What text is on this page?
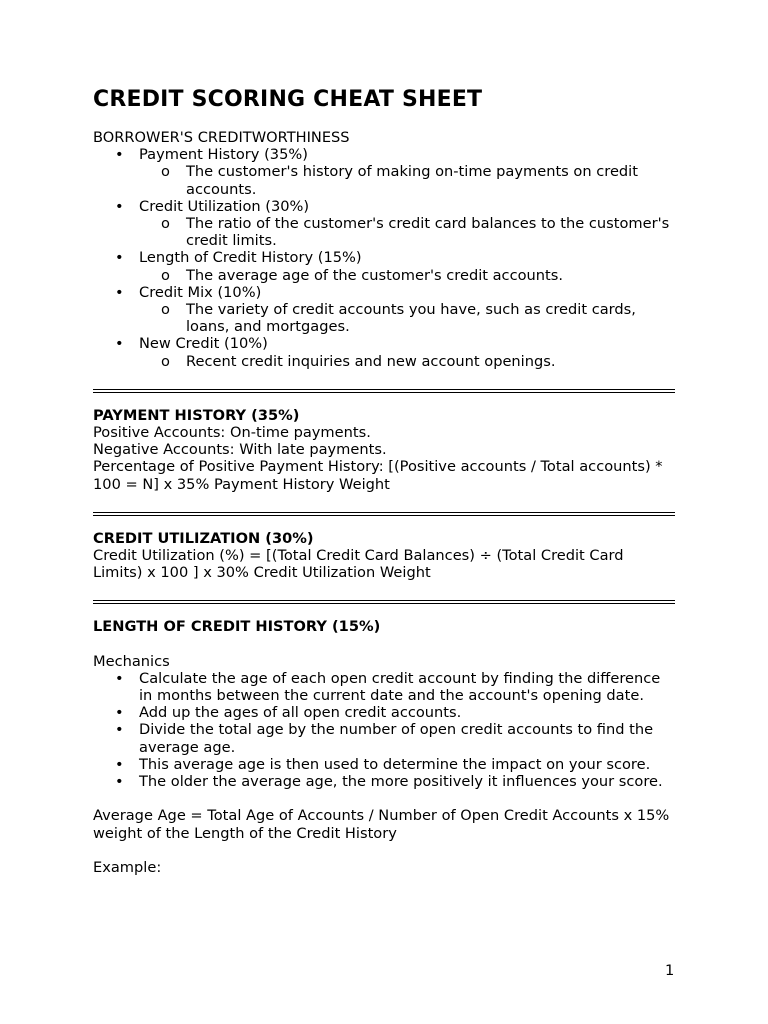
CREDIT SCORING CHEAT SHEET

BORROWER'S CREDITWORTHINESS

• Payment History (35%)
o The customer's history of making on-time payments on credit accounts.
• Credit Utilization (30%)
o The ratio of the customer's credit card balances to the customer's credit limits.
• Length of Credit History (15%)
o The average age of the customer's credit accounts.
• Credit Mix (10%)
o The variety of credit accounts you have, such as credit cards, loans, and mortgages.
• New Credit (10%)
o Recent credit inquiries and new account openings.

PAYMENT HISTORY (35%)

Positive Accounts: On-time payments.

Negative Accounts: With late payments.

Percentage of Positive Payment History: [(Positive accounts / Total accounts) * 100 = N] x 35% Payment History Weight

CREDIT UTILIZATION (30%)

Credit Utilization (%) = [(Total Credit Card Balances) ÷ (Total Credit Card Limits) x 100 ] x 30% Credit Utilization Weight

LENGTH OF CREDIT HISTORY (15%)

Mechanics

• Calculate the age of each open credit account by finding the difference in months between the current date and the account's opening date.
• Add up the ages of all open credit accounts.
• Divide the total age by the number of open credit accounts to find the average age.
• This average age is then used to determine the impact on your score.
• The older the average age, the more positively it influences your score.

Average Age = Total Age of Accounts / Number of Open Credit Accounts x 15% weight of the Length of the Credit History

Example:

1
